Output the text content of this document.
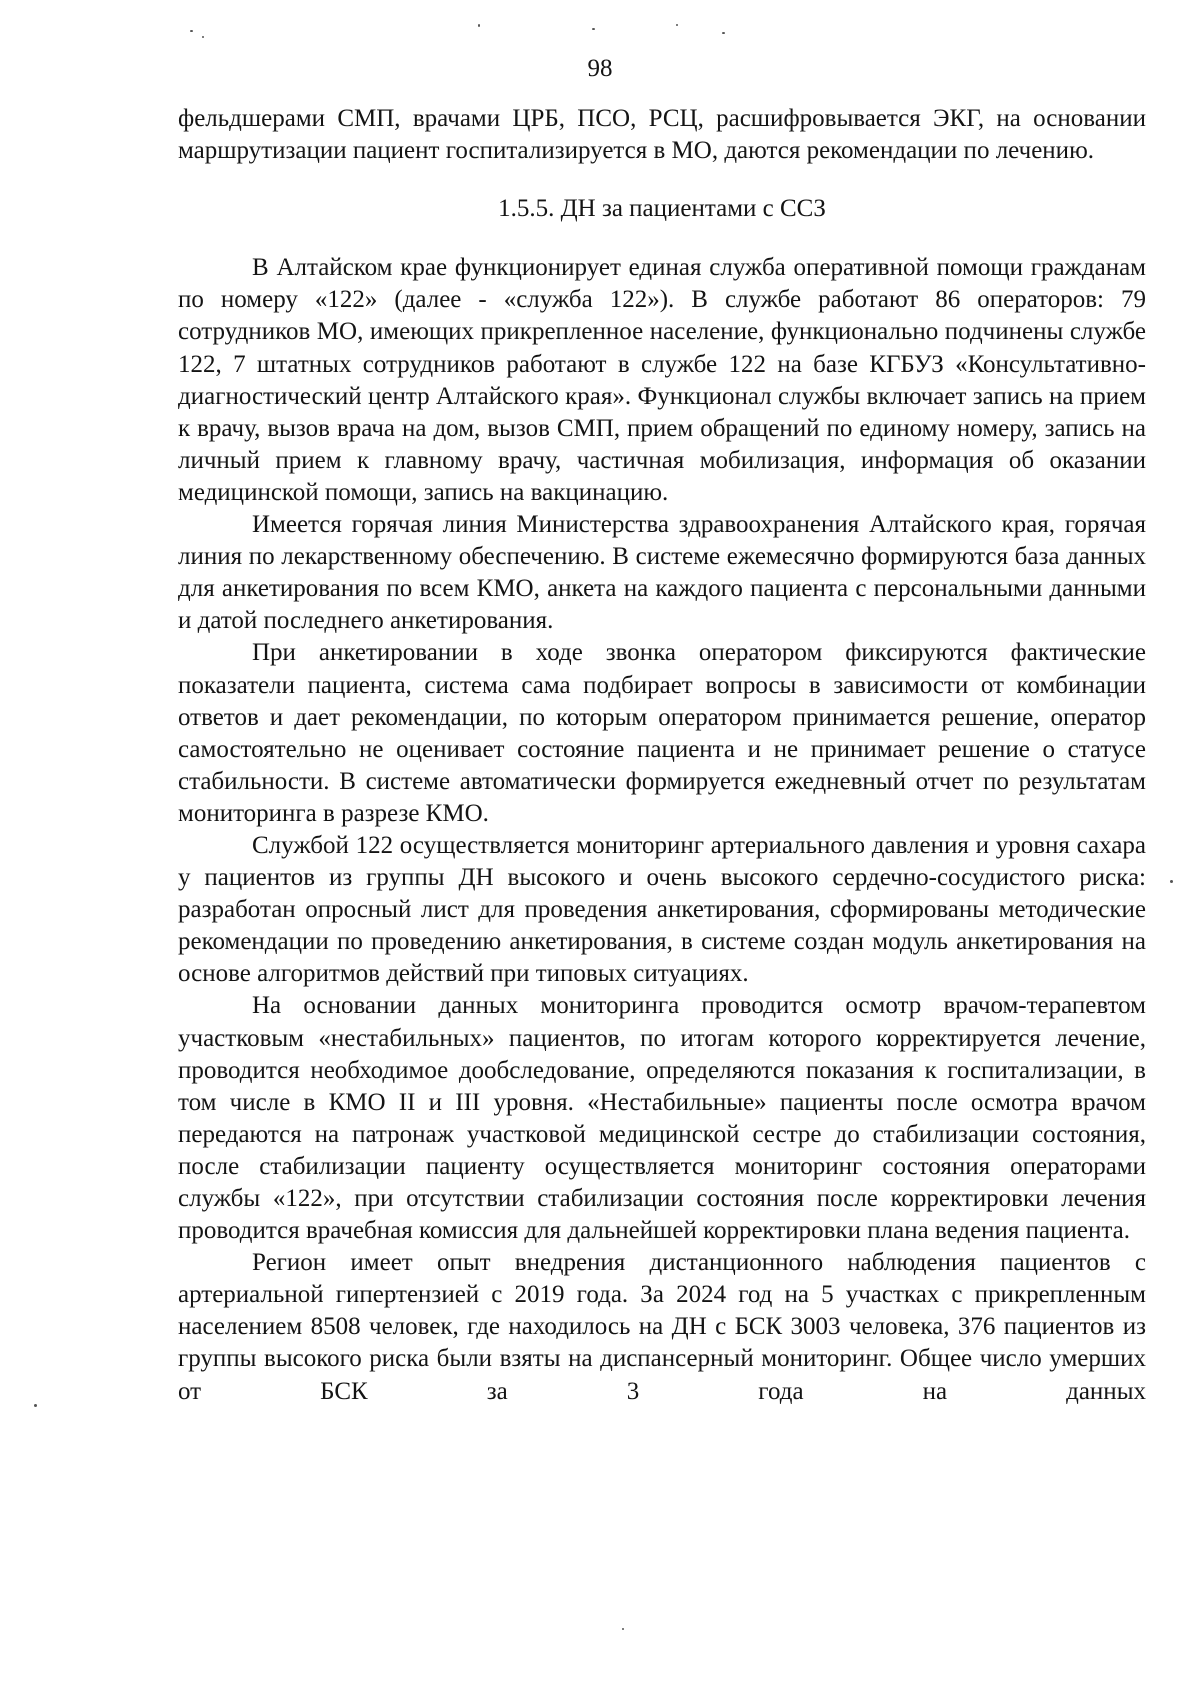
98

фельдшерами СМП, врачами ЦРБ, ПСО, РСЦ, расшифровывается ЭКГ, на основании маршрутизации пациент госпитализируется в МО, даются рекомендации по лечению.

1.5.5. ДН за пациентами с ССЗ

В Алтайском крае функционирует единая служба оперативной помощи гражданам по номеру «122» (далее - «служба 122»). В службе работают 86 операторов: 79 сотрудников МО, имеющих прикрепленное население, функционально подчинены службе 122, 7 штатных сотрудников работают в службе 122 на базе КГБУЗ «Консультативно-диагностический центр Алтайского края». Функционал службы включает запись на прием к врачу, вызов врача на дом, вызов СМП, прием обращений по единому номеру, запись на личный прием к главному врачу, частичная мобилизация, информация об оказании медицинской помощи, запись на вакцинацию.

Имеется горячая линия Министерства здравоохранения Алтайского края, горячая линия по лекарственному обеспечению. В системе ежемесячно формируются база данных для анкетирования по всем КМО, анкета на каждого пациента с персональными данными и датой последнего анкетирования.

При анкетировании в ходе звонка оператором фиксируются фактические показатели пациента, система сама подбирает вопросы в зависимости от комбинации ответов и дает рекомендации, по которым оператором принимается решение, оператор самостоятельно не оценивает состояние пациента и не принимает решение о статусе стабильности. В системе автоматически формируется ежедневный отчет по результатам мониторинга в разрезе КМО.

Службой 122 осуществляется мониторинг артериального давления и уровня сахара у пациентов из группы ДН высокого и очень высокого сердечно-сосудистого риска: разработан опросный лист для проведения анкетирования, сформированы методические рекомендации по проведению анкетирования, в системе создан модуль анкетирования на основе алгоритмов действий при типовых ситуациях.

На основании данных мониторинга проводится осмотр врачом-терапевтом участковым «нестабильных» пациентов, по итогам которого корректируется лечение, проводится необходимое дообследование, определяются показания к госпитализации, в том числе в КМО II и III уровня. «Нестабильные» пациенты после осмотра врачом передаются на патронаж участковой медицинской сестре до стабилизации состояния, после стабилизации пациенту осуществляется мониторинг состояния операторами службы «122», при отсутствии стабилизации состояния после корректировки лечения проводится врачебная комиссия для дальнейшей корректировки плана ведения пациента.

Регион имеет опыт внедрения дистанционного наблюдения пациентов с артериальной гипертензией с 2019 года. За 2024 год на 5 участках с прикрепленным населением 8508 человек, где находилось на ДН с БСК 3003 человека, 376 пациентов из группы высокого риска были взяты на диспансерный мониторинг. Общее число умерших от БСК за 3 года на данных
